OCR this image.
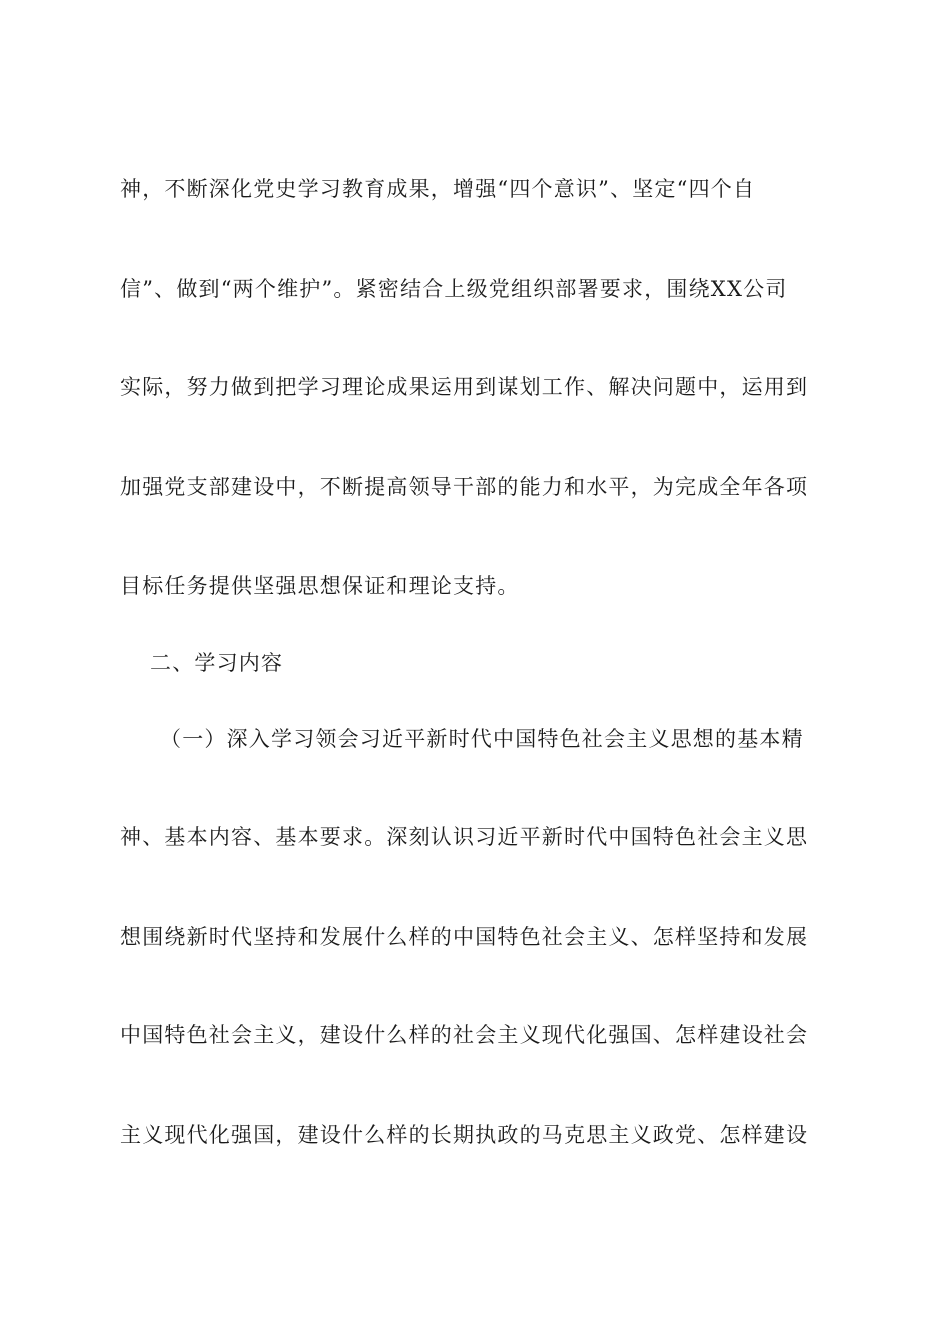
神，不断深化党史学习教育成果，增强“四个意识”、坚定“四个自
信”、做到“两个维护”。紧密结合上级党组织部署要求，围绕XX公司
实际，努力做到把学习理论成果运用到谋划工作、解决问题中，运用到
加强党支部建设中，不断提高领导干部的能力和水平，为完成全年各项
目标任务提供坚强思想保证和理论支持。
二、学习内容
（一）深入学习领会习近平新时代中国特色社会主义思想的基本精
神、基本内容、基本要求。深刻认识习近平新时代中国特色社会主义思
想围绕新时代坚持和发展什么样的中国特色社会主义、怎样坚持和发展
中国特色社会主义，建设什么样的社会主义现代化强国、怎样建设社会
主义现代化强国，建设什么样的长期执政的马克思主义政党、怎样建设
